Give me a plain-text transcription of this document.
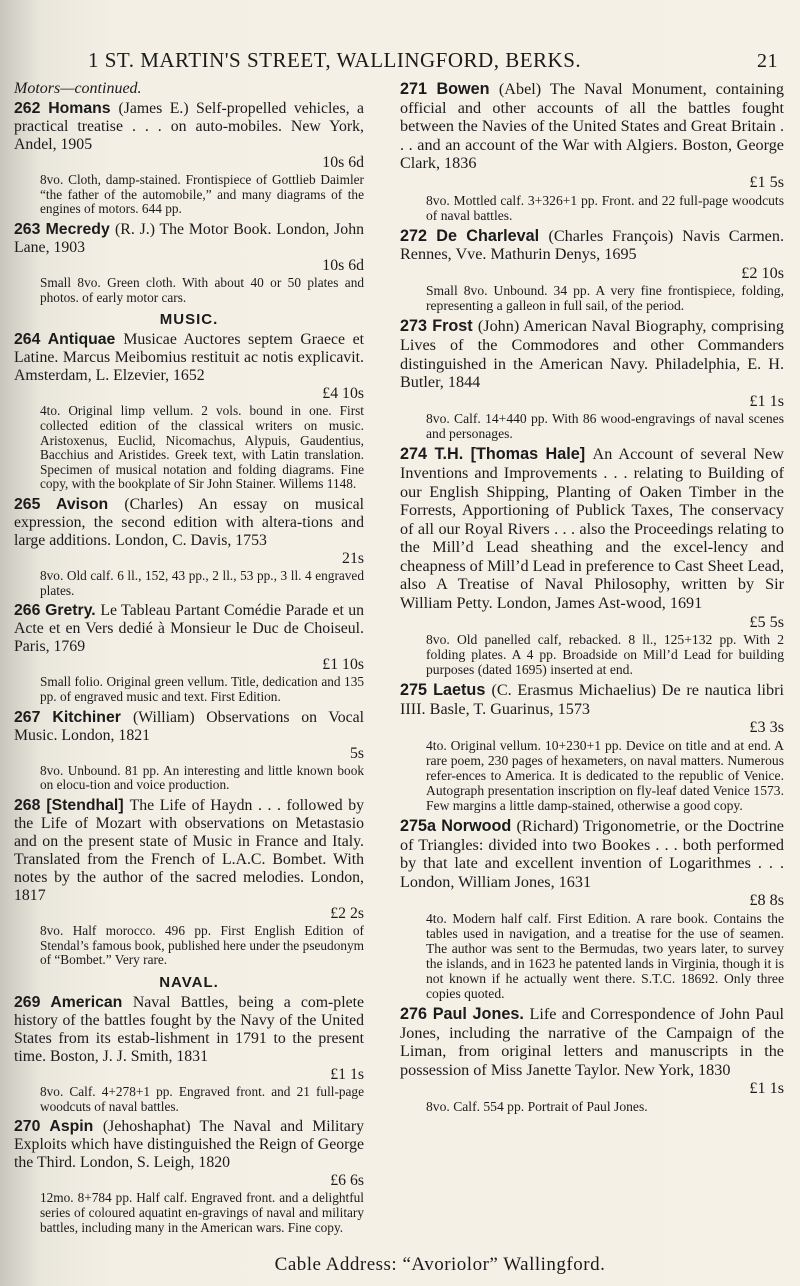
1 ST. MARTIN'S STREET, WALLINGFORD, BERKS.	21
Motors—continued.

262 Homans (James E.) Self-propelled vehicles, a practical treatise . . . on auto-mobiles. New York, Andel, 1905
10s 6d

8vo. Cloth, damp-stained. Frontispiece of Gottlieb Daimler “the father of the automobile,” and many diagrams of the engines of motors. 644 pp.

263 Mecredy (R. J.) The Motor Book. London, John Lane, 1903
10s 6d

Small 8vo. Green cloth. With about 40 or 50 plates and photos. of early motor cars.
MUSIC.

264 Antiquae Musicae Auctores septem Graece et Latine. Marcus Meibomius restituit ac notis explicavit. Amsterdam, L. Elzevier, 1652
£4 10s

4to. Original limp vellum. 2 vols. bound in one. First collected edition of the classical writers on music. Aristoxenus, Euclid, Nicomachus, Alypuis, Gaudentius, Bacchius and Aristides. Greek text, with Latin translation. Specimen of musical notation and folding diagrams. Fine copy, with the bookplate of Sir John Stainer. Willems 1148.

265 Avison (Charles) An essay on musical expression, the second edition with altera-tions and large additions. London, C. Davis, 1753
21s

8vo. Old calf. 6 ll., 152, 43 pp., 2 ll., 53 pp., 3 ll. 4 engraved plates.

266 Gretry. Le Tableau Partant Comédie Parade et un Acte et en Vers dedié à Monsieur le Duc de Choiseul. Paris, 1769
£1 10s

Small folio. Original green vellum. Title, dedication and 135 pp. of engraved music and text. First Edition.

267 Kitchiner (William) Observations on Vocal Music. London, 1821
5s

8vo. Unbound. 81 pp. An interesting and little known book on elocu-tion and voice production.

268 [Stendhal] The Life of Haydn . . . followed by the Life of Mozart with observations on Metastasio and on the present state of Music in France and Italy. Translated from the French of L.A.C. Bombet. With notes by the author of the sacred melodies. London, 1817
£2 2s

8vo. Half morocco. 496 pp. First English Edition of Stendal’s famous book, published here under the pseudonym of “Bombet.” Very rare.
NAVAL.

269 American Naval Battles, being a com-plete history of the battles fought by the Navy of the United States from its estab-lishment in 1791 to the present time. Boston, J. J. Smith, 1831
£1 1s

8vo. Calf. 4+278+1 pp. Engraved front. and 21 full-page woodcuts of naval battles.

270 Aspin (Jehoshaphat) The Naval and Military Exploits which have distinguished the Reign of George the Third. London, S. Leigh, 1820
£6 6s

12mo. 8+784 pp. Half calf. Engraved front. and a delightful series of coloured aquatint en-gravings of naval and military battles, including many in the American wars. Fine copy.

271 Bowen (Abel) The Naval Monument, containing official and other accounts of all the battles fought between the Navies of the United States and Great Britain . . . and an account of the War with Algiers. Boston, George Clark, 1836
£1 5s

8vo. Mottled calf. 3+326+1 pp. Front. and 22 full-page woodcuts of naval battles.

272 De Charleval (Charles François) Navis Carmen. Rennes, Vve. Mathurin Denys, 1695
£2 10s

Small 8vo. Unbound. 34 pp. A very fine frontispiece, folding, representing a galleon in full sail, of the period.

273 Frost (John) American Naval Biography, comprising Lives of the Commodores and other Commanders distinguished in the American Navy. Philadelphia, E. H. Butler, 1844
£1 1s

8vo. Calf. 14+440 pp. With 86 wood-engravings of naval scenes and personages.

274 T.H. [Thomas Hale] An Account of several New Inventions and Improvements . . . relating to Building of our English Shipping, Planting of Oaken Timber in the Forrests, Apportioning of Publick Taxes, The conservacy of all our Royal Rivers . . . also the Proceedings relating to the Mill’d Lead sheathing and the excel-lency and cheapness of Mill’d Lead in preference to Cast Sheet Lead, also A Treatise of Naval Philosophy, written by Sir William Petty. London, James Ast-wood, 1691
£5 5s

8vo. Old panelled calf, rebacked. 8 ll., 125+132 pp. With 2 folding plates. A 4 pp. Broadside on Mill’d Lead for building purposes (dated 1695) inserted at end.

275 Laetus (C. Erasmus Michaelius) De re nautica libri IIII. Basle, T. Guarinus, 1573
£3 3s

4to. Original vellum. 10+230+1 pp. Device on title and at end. A rare poem, 230 pages of hexameters, on naval matters. Numerous refer-ences to America. It is dedicated to the republic of Venice. Autograph presentation inscription on fly-leaf dated Venice 1573. Few margins a little damp-stained, otherwise a good copy.

275a Norwood (Richard) Trigonometrie, or the Doctrine of Triangles: divided into two Bookes . . . both performed by that late and excellent invention of Logarithmes . . . London, William Jones, 1631
£8 8s

4to. Modern half calf. First Edition. A rare book. Contains the tables used in navigation, and a treatise for the use of seamen. The author was sent to the Bermudas, two years later, to survey the islands, and in 1623 he patented lands in Virginia, though it is not known if he actually went there. S.T.C. 18692. Only three copies quoted.

276 Paul Jones. Life and Correspondence of John Paul Jones, including the narrative of the Campaign of the Liman, from original letters and manuscripts in the possession of Miss Janette Taylor. New York, 1830
£1 1s

8vo. Calf. 554 pp. Portrait of Paul Jones.
Cable Address: “Avoriolor” Wallingford.
